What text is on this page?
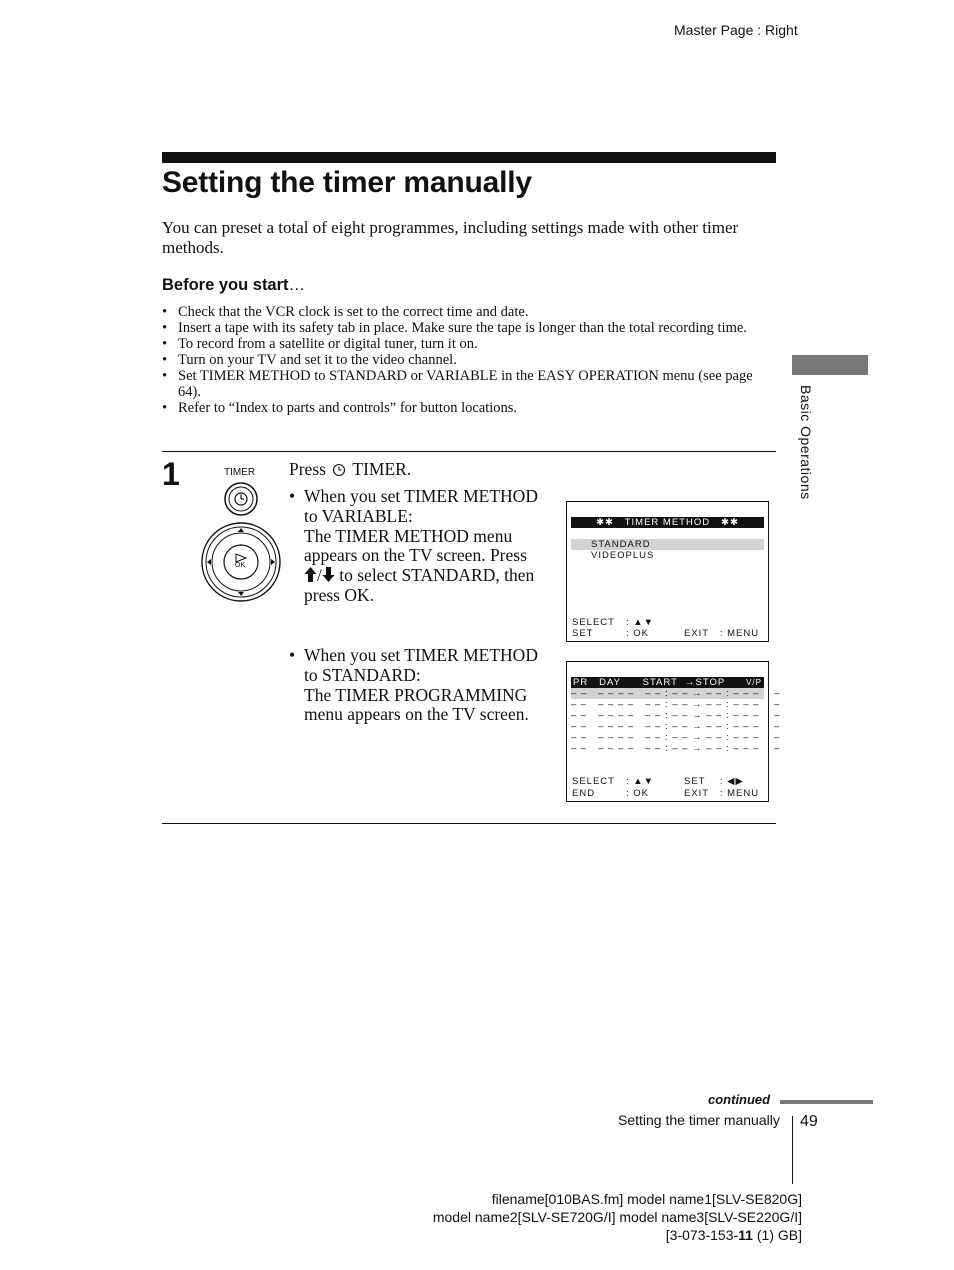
Master Page : Right
Setting the timer manually
You can preset a total of eight programmes, including settings made with other timer methods.
Before you start…
• Check that the VCR clock is set to the correct time and date.
• Insert a tape with its safety tab in place. Make sure the tape is longer than the total recording time.
• To record from a satellite or digital tuner, turn it on.
• Turn on your TV and set it to the video channel.
• Set TIMER METHOD to STANDARD or VARIABLE in the EASY OPERATION menu (see page 64).
• Refer to “Index to parts and controls” for button locations.	Basic Operations
1	TIMER
OK
Press TIMER.
• When you set TIMER METHOD
to VARIABLE:
The TIMER METHOD menu
appears on the TV screen. Press
/ to select STANDARD, then
press OK.
• When you set TIMER METHOD
to STANDARD:
The TIMER PROGRAMMING
menu appears on the TV screen.
✱✱   TIMER METHOD   ✱✱
STANDARD
VIDEOPLUS
SELECT : ▲▼
SET	: OK	EXIT   : MENU
PR   DAY      START  →STOP	V/P
– –   – – – –   – – : – – → – – : – – –    –
– –   – – – –   – – : – – → – – : – – –    –
– –   – – – –   – – : – – → – – : – – –    –
– –   – – – –   – – : – – → – – : – – –    –
– –   – – – –   – – : – – → – – : – – –    –
– –   – – – –   – – : – – → – – : – – –    –
SELECT : ▲▼	SET    : ◀▶
END	: OK	EXIT   : MENU
continued
Setting the timer manually 49
filename[010BAS.fm] model name1[SLV-SE820G]
model name2[SLV-SE720G/I] model name3[SLV-SE220G/I]
[3-073-153-11 (1) GB]
